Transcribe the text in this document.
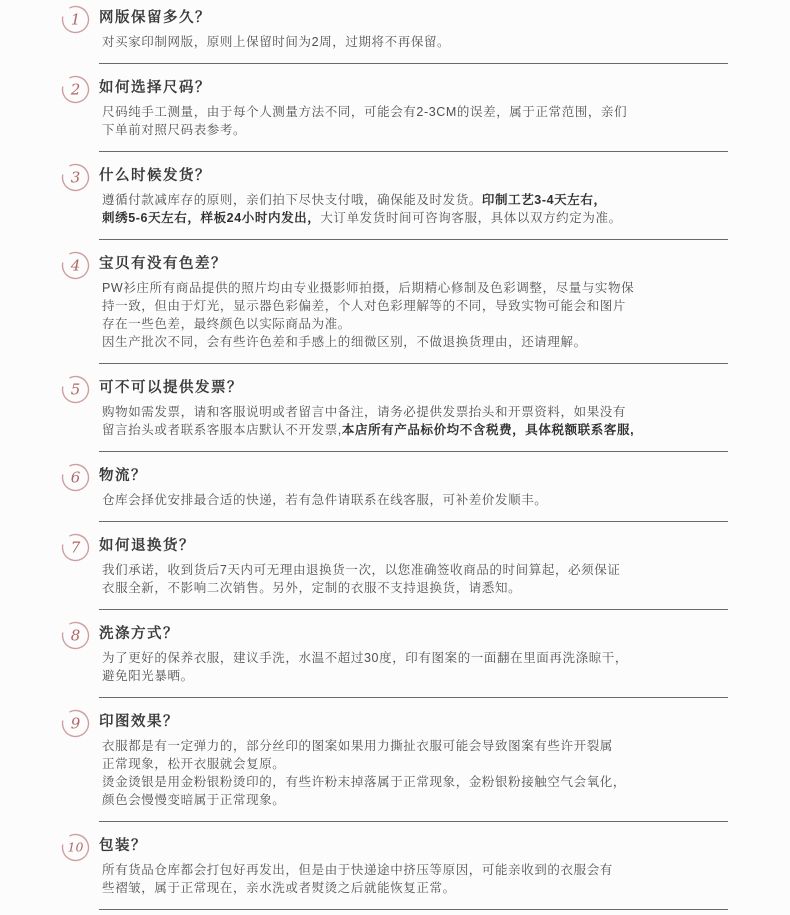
1	网版保留多久？
对买家印制网版，原则上保留时间为2周，过期将不再保留。
2	如何选择尺码？
尺码纯手工测量，由于每个人测量方法不同，可能会有2-3CM的误差，属于正常范围，亲们
下单前对照尺码表参考。
3	什么时候发货？
遵循付款减库存的原则，亲们拍下尽快支付哦，确保能及时发货。印制工艺3-4天左右，
刺绣5-6天左右，样板24小时内发出，大订单发货时间可咨询客服，具体以双方约定为准。
4	宝贝有没有色差？
PW衫庄所有商品提供的照片均由专业摄影师拍摄，后期精心修制及色彩调整，尽量与实物保
持一致，但由于灯光，显示器色彩偏差，个人对色彩理解等的不同，导致实物可能会和图片
存在一些色差，最终颜色以实际商品为准。
因生产批次不同，会有些许色差和手感上的细微区别，不做退换货理由，还请理解。
5	可不可以提供发票？
购物如需发票，请和客服说明或者留言中备注，请务必提供发票抬头和开票资料，如果没有
留言抬头或者联系客服本店默认不开发票,本店所有产品标价均不含税费，具体税额联系客服,
6	物流？
仓库会择优安排最合适的快递，若有急件请联系在线客服，可补差价发顺丰。
7	如何退换货？
我们承诺，收到货后7天内可无理由退换货一次，以您准确签收商品的时间算起，必须保证
衣服全新，不影响二次销售。另外，定制的衣服不支持退换货，请悉知。
8	洗涤方式？
为了更好的保养衣服，建议手洗，水温不超过30度，印有图案的一面翻在里面再洗涤晾干，
避免阳光暴晒。
9	印图效果？
衣服都是有一定弹力的，部分丝印的图案如果用力撕扯衣服可能会导致图案有些许开裂属
正常现象，松开衣服就会复原。
烫金烫银是用金粉银粉烫印的，有些许粉末掉落属于正常现象，金粉银粉接触空气会氧化，
颜色会慢慢变暗属于正常现象。
10	包装？
所有货品仓库都会打包好再发出，但是由于快递途中挤压等原因，可能亲收到的衣服会有
些褶皱，属于正常现在，亲水洗或者熨烫之后就能恢复正常。
